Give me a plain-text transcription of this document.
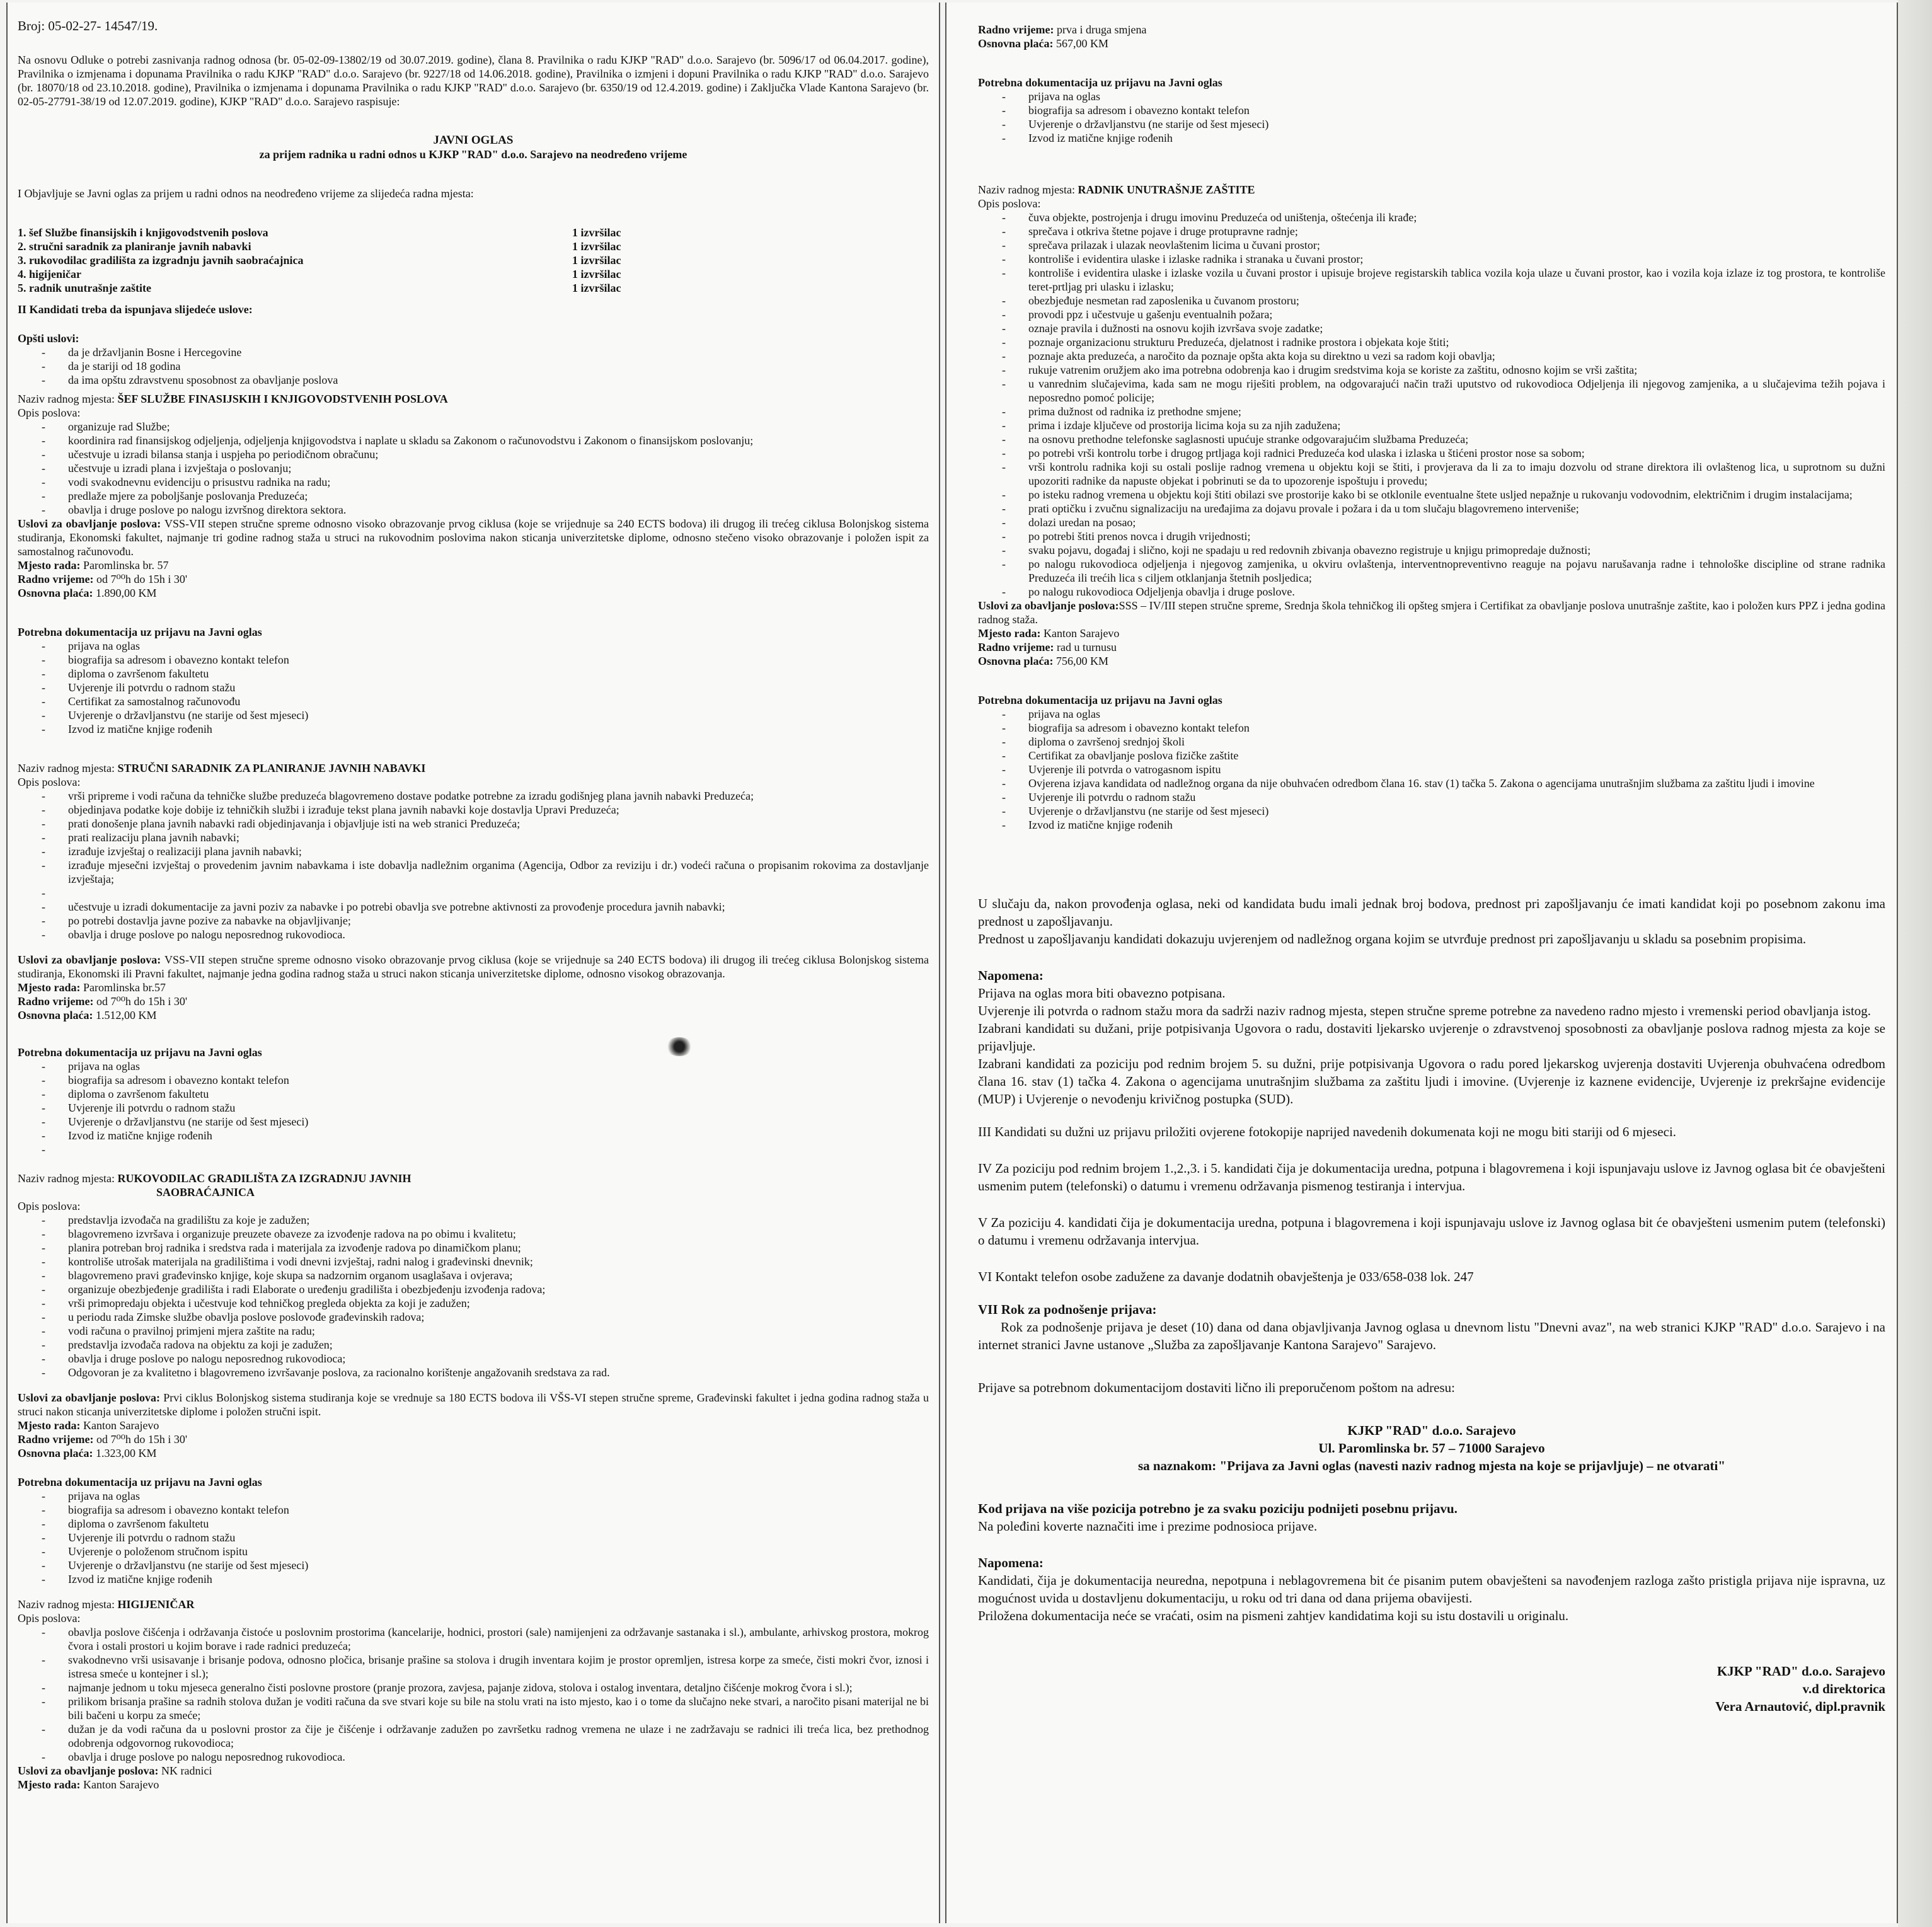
Broj: 05-02-27- 14547/19.

Na osnovu Odluke o potrebi zasnivanja radnog odnosa (br. 05-02-09-13802/19 od 30.07.2019. godine), člana 8. Pravilnika o radu KJKP "RAD" d.o.o. Sarajevo (br. 5096/17 od 06.04.2017. godine), Pravilnika o izmjenama i dopunama Pravilnika o radu KJKP "RAD" d.o.o. Sarajevo (br. 9227/18 od 14.06.2018. godine), Pravilnika o izmjeni i dopuni Pravilnika o radu KJKP "RAD" d.o.o. Sarajevo (br. 18070/18 od 23.10.2018. godine), Pravilnika o izmjenama i dopunama Pravilnika o radu KJKP "RAD" d.o.o. Sarajevo (br. 6350/19 od 12.4.2019. godine) i Zaključka Vlade Kantona Sarajevo (br. 02-05-27791-38/19 od 12.07.2019. godine), KJKP "RAD" d.o.o. Sarajevo raspisuje:

JAVNI OGLAS

za prijem radnika u radni odnos u KJKP "RAD" d.o.o. Sarajevo na neodređeno vrijeme

I Objavljuje se Javni oglas za prijem u radni odnos na neodređeno vrijeme za slijedeća radna mjesta:

1. šef Službe finansijskih i knjigovodstvenih poslova	1 izvršilac
2. stručni saradnik za planiranje javnih nabavki	1 izvršilac
3. rukovodilac gradilišta za izgradnju javnih saobraćajnica	1 izvršilac
4. higijeničar	1 izvršilac
5. radnik unutrašnje zaštite	1 izvršilac

II Kandidati treba da ispunjava slijedeće uslove:

Opšti uslovi:

- da je državljanin Bosne i Hercegovine
- da je stariji od 18 godina
- da ima opštu zdravstvenu sposobnost za obavljanje poslova

Naziv radnog mjesta: ŠEF SLUŽBE FINASIJSKIH I KNJIGOVODSTVENIH POSLOVA

Opis poslova:

- organizuje rad Službe;
- koordinira rad finansijskog odjeljenja, odjeljenja knjigovodstva i naplate u skladu sa Zakonom o računovodstvu i Zakonom o finansijskom poslovanju;
- učestvuje u izradi bilansa stanja i uspjeha po periodičnom obračunu;
- učestvuje u izradi plana i izvještaja o poslovanju;
- vodi svakodnevnu evidenciju o prisustvu radnika na radu;
- predlaže mjere za poboljšanje poslovanja Preduzeća;
- obavlja i druge poslove po nalogu izvršnog direktora sektora.

Uslovi za obavljanje poslova: VSS-VII stepen stručne spreme odnosno visoko obrazovanje prvog ciklusa (koje se vrijednuje sa 240 ECTS bodova) ili drugog ili trećeg ciklusa Bolonjskog sistema studiranja, Ekonomski fakultet, najmanje tri godine radnog staža u struci na rukovodnim poslovima nakon sticanja univerzitetske diplome, odnosno stečeno visoko obrazovanje i položen ispit za samostalnog računovođu.

Mjesto rada: Paromlinska br. 57

Radno vrijeme: od 7⁰⁰h do 15h i 30'

Osnovna plaća: 1.890,00 KM

Potrebna dokumentacija uz prijavu na Javni oglas

- prijava na oglas
- biografija sa adresom i obavezno kontakt telefon
- diploma o završenom fakultetu
- Uvjerenje ili potvrdu o radnom stažu
- Certifikat za samostalnog računovođu
- Uvjerenje o državljanstvu (ne starije od šest mjeseci)
- Izvod iz matične knjige rođenih

Naziv radnog mjesta: STRUČNI SARADNIK ZA PLANIRANJE JAVNIH NABAVKI

Opis poslova:

- vrši pripreme i vodi računa da tehničke službe preduzeća blagovremeno dostave podatke potrebne za izradu godišnjeg plana javnih nabavki Preduzeća;
- objedinjava podatke koje dobije iz tehničkih službi i izrađuje tekst plana javnih nabavki koje dostavlja Upravi Preduzeća;
- prati donošenje plana javnih nabavki radi objedinjavanja i objavljuje isti na web stranici Preduzeća;
- prati realizaciju plana javnih nabavki;
- izrađuje izvještaj o realizaciji plana javnih nabavki;
- izrađuje mjesečni izvještaj o provedenim javnim nabavkama i iste dobavlja nadležnim organima (Agencija, Odbor za reviziju i dr.) vodeći računa o propisanim rokovima za dostavljanje izvještaja;
-
- učestvuje u izradi dokumentacije za javni poziv za nabavke i po potrebi obavlja sve potrebne aktivnosti za provođenje procedura javnih nabavki;
- po potrebi dostavlja javne pozive za nabavke na objavljivanje;
- obavlja i druge poslove po nalogu neposrednog rukovodioca.

Uslovi za obavljanje poslova: VSS-VII stepen stručne spreme odnosno visoko obrazovanje prvog ciklusa (koje se vrijednuje sa 240 ECTS bodova) ili drugog ili trećeg ciklusa Bolonjskog sistema studiranja, Ekonomski ili Pravni fakultet, najmanje jedna godina radnog staža u struci nakon sticanja univerzitetske diplome, odnosno visokog obrazovanja.

Mjesto rada: Paromlinska br.57

Radno vrijeme: od 7⁰⁰h do 15h i 30'

Osnovna plaća: 1.512,00 KM

Potrebna dokumentacija uz prijavu na Javni oglas

- prijava na oglas
- biografija sa adresom i obavezno kontakt telefon
- diploma o završenom fakultetu
- Uvjerenje ili potvrdu o radnom stažu
- Uvjerenje o državljanstvu (ne starije od šest mjeseci)
- Izvod iz matične knjige rođenih
-

Naziv radnog mjesta: RUKOVODILAC GRADILIŠTA ZA IZGRADNJU JAVNIH

SAOBRAĆAJNICA

Opis poslova:

- predstavlja izvođača na gradilištu za koje je zadužen;
- blagovremeno izvršava i organizuje preuzete obaveze za izvođenje radova na po obimu i kvalitetu;
- planira potreban broj radnika i sredstva rada i materijala za izvođenje radova po dinamičkom planu;
- kontroliše utrošak materijala na gradilištima i vodi dnevni izvještaj, radni nalog i građevinski dnevnik;
- blagovremeno pravi građevinsko knjige, koje skupa sa nadzornim organom usaglašava i ovjerava;
- organizuje obezbjeđenje gradilišta i radi Elaborate o uređenju gradilišta i obezbjeđenju izvođenja radova;
- vrši primopredaju objekta i učestvuje kod tehničkog pregleda objekta za koji je zadužen;
- u periodu rada Zimske službe obavlja poslove poslovođe građevinskih radova;
- vodi računa o pravilnoj primjeni mjera zaštite na radu;
- predstavlja izvođača radova na objektu za koji je zadužen;
- obavlja i druge poslove po nalogu neposrednog rukovodioca;
- Odgovoran je za kvalitetno i blagovremeno izvršavanje poslova, za racionalno korištenje angažovanih sredstava za rad.

Uslovi za obavljanje poslova: Prvi ciklus Bolonjskog sistema studiranja koje se vrednuje sa 180 ECTS bodova ili VŠS-VI stepen stručne spreme, Građevinski fakultet i jedna godina radnog staža u struci nakon sticanja univerzitetske diplome i položen stručni ispit.

Mjesto rada: Kanton Sarajevo

Radno vrijeme: od 7⁰⁰h do 15h i 30'

Osnovna plaća: 1.323,00 KM

Potrebna dokumentacija uz prijavu na Javni oglas

- prijava na oglas
- biografija sa adresom i obavezno kontakt telefon
- diploma o završenom fakultetu
- Uvjerenje ili potvrdu o radnom stažu
- Uvjerenje o položenom stručnom ispitu
- Uvjerenje o državljanstvu (ne starije od šest mjeseci)
- Izvod iz matične knjige rođenih

Naziv radnog mjesta: HIGIJENIČAR

Opis poslova:

- obavlja poslove čišćenja i održavanja čistoće u poslovnim prostorima (kancelarije, hodnici, prostori (sale) namijenjeni za održavanje sastanaka i sl.), ambulante, arhivskog prostora, mokrog čvora i ostali prostori u kojim borave i rade radnici preduzeća;
- svakodnevno vrši usisavanje i brisanje podova, odnosno pločica, brisanje prašine sa stolova i drugih inventara kojim je prostor opremljen, istresa korpe za smeće, čisti mokri čvor, iznosi i istresa smeće u kontejner i sl.);
- najmanje jednom u toku mjeseca generalno čisti poslovne prostore (pranje prozora, zavjesa, pajanje zidova, stolova i ostalog inventara, detaljno čišćenje mokrog čvora i sl.);
- prilikom brisanja prašine sa radnih stolova dužan je voditi računa da sve stvari koje su bile na stolu vrati na isto mjesto, kao i o tome da slučajno neke stvari, a naročito pisani materijal ne bi bili bačeni u korpu za smeće;
- dužan je da vodi računa da u poslovni prostor za čije je čišćenje i održavanje zadužen po završetku radnog vremena ne ulaze i ne zadržavaju se radnici ili treća lica, bez prethodnog odobrenja odgovornog rukovodioca;
- obavlja i druge poslove po nalogu neposrednog rukovodioca.

Uslovi za obavljanje poslova: NK radnici

Mjesto rada: Kanton Sarajevo

Radno vrijeme: prva i druga smjena

Osnovna plaća: 567,00 KM

Potrebna dokumentacija uz prijavu na Javni oglas

- prijava na oglas
- biografija sa adresom i obavezno kontakt telefon
- Uvjerenje o državljanstvu (ne starije od šest mjeseci)
- Izvod iz matične knjige rođenih

Naziv radnog mjesta: RADNIK UNUTRAŠNJE ZAŠTITE

Opis poslova:

- čuva objekte, postrojenja i drugu imovinu Preduzeća od uništenja, oštećenja ili krađe;
- sprečava i otkriva štetne pojave i druge protupravne radnje;
- sprečava prilazak i ulazak neovlaštenim licima u čuvani prostor;
- kontroliše i evidentira ulaske i izlaske radnika i stranaka u čuvani prostor;
- kontroliše i evidentira ulaske i izlaske vozila u čuvani prostor i upisuje brojeve registarskih tablica vozila koja ulaze u čuvani prostor, kao i vozila koja izlaze iz tog prostora, te kontroliše teret-prtljag pri ulasku i izlasku;
- obezbjeđuje nesmetan rad zaposlenika u čuvanom prostoru;
- provodi ppz i učestvuje u gašenju eventualnih požara;
- oznaje pravila i dužnosti na osnovu kojih izvršava svoje zadatke;
- poznaje organizacionu strukturu Preduzeća, djelatnost i radnike prostora i objekata koje štiti;
- poznaje akta preduzeća, a naročito da poznaje opšta akta koja su direktno u vezi sa radom koji obavlja;
- rukuje vatrenim oružjem ako ima potrebna odobrenja kao i drugim sredstvima koja se koriste za zaštitu, odnosno kojim se vrši zaštita;
- u vanrednim slučajevima, kada sam ne mogu riješiti problem, na odgovarajući način traži uputstvo od rukovodioca Odjeljenja ili njegovog zamjenika, a u slučajevima težih pojava i neposredno pomoć policije;
- prima dužnost od radnika iz prethodne smjene;
- prima i izdaje ključeve od prostorija licima koja su za njih zadužena;
- na osnovu prethodne telefonske saglasnosti upućuje stranke odgovarajućim službama Preduzeća;
- po potrebi vrši kontrolu torbe i drugog prtljaga koji radnici Preduzeća kod ulaska i izlaska u štićeni prostor nose sa sobom;
- vrši kontrolu radnika koji su ostali poslije radnog vremena u objektu koji se štiti, i provjerava da li za to imaju dozvolu od strane direktora ili ovlaštenog lica, u suprotnom su dužni upozoriti radnike da napuste objekat i pobrinuti se da to upozorenje ispoštuju i provedu;
- po isteku radnog vremena u objektu koji štiti obilazi sve prostorije kako bi se otklonile eventualne štete usljed nepažnje u rukovanju vodovodnim, električnim i drugim instalacijama;
- prati optičku i zvučnu signalizaciju na uređajima za dojavu provale i požara i da u tom slučaju blagovremeno interveniše;
- dolazi uredan na posao;
- po potrebi štiti prenos novca i drugih vrijednosti;
- svaku pojavu, događaj i slično, koji ne spadaju u red redovnih zbivanja obavezno registruje u knjigu primopredaje dužnosti;
- po nalogu rukovodioca odjeljenja i njegovog zamjenika, u okviru ovlaštenja, interventnopreventivno reaguje na pojavu narušavanja radne i tehnološke discipline od strane radnika Preduzeća ili trećih lica s ciljem otklanjanja štetnih posljedica;
- po nalogu rukovodioca Odjeljenja obavlja i druge poslove.

Uslovi za obavljanje poslova:SSS – IV/III stepen stručne spreme, Srednja škola tehničkog ili opšteg smjera i Certifikat za obavljanje poslova unutrašnje zaštite, kao i položen kurs PPZ i jedna godina radnog staža.

Mjesto rada: Kanton Sarajevo

Radno vrijeme: rad u turnusu

Osnovna plaća: 756,00 KM

Potrebna dokumentacija uz prijavu na Javni oglas

- prijava na oglas
- biografija sa adresom i obavezno kontakt telefon
- diploma o završenoj srednjoj školi
- Certifikat za obavljanje poslova fizičke zaštite
- Uvjerenje ili potvrda o vatrogasnom ispitu
- Ovjerena izjava kandidata od nadležnog organa da nije obuhvaćen odredbom člana 16. stav (1) tačka 5. Zakona o agencijama unutrašnjim službama za zaštitu ljudi i imovine
- Uvjerenje ili potvrdu o radnom stažu
- Uvjerenje o državljanstvu (ne starije od šest mjeseci)
- Izvod iz matične knjige rođenih

U slučaju da, nakon provođenja oglasa, neki od kandidata budu imali jednak broj bodova, prednost pri zapošljavanju će imati kandidat koji po posebnom zakonu ima prednost u zapošljavanju.

Prednost u zapošljavanju kandidati dokazuju uvjerenjem od nadležnog organa kojim se utvrđuje prednost pri zapošljavanju u skladu sa posebnim propisima.

Napomena:

Prijava na oglas mora biti obavezno potpisana.

Uvjerenje ili potvrda o radnom stažu mora da sadrži naziv radnog mjesta, stepen stručne spreme potrebne za navedeno radno mjesto i vremenski period obavljanja istog.

Izabrani kandidati su dužani, prije potpisivanja Ugovora o radu, dostaviti ljekarsko uvjerenje o zdravstvenoj sposobnosti za obavljanje poslova radnog mjesta za koje se prijavljuje.

Izabrani kandidati za poziciju pod rednim brojem 5. su dužni, prije potpisivanja Ugovora o radu pored ljekarskog uvjerenja dostaviti Uvjerenja obuhvaćena odredbom člana 16. stav (1) tačka 4. Zakona o agencijama unutrašnjim službama za zaštitu ljudi i imovine. (Uvjerenje iz kaznene evidencije, Uvjerenje iz prekršajne evidencije (MUP) i Uvjerenje o nevođenju krivičnog postupka (SUD).

III Kandidati su dužni uz prijavu priložiti ovjerene fotokopije naprijed navedenih dokumenata koji ne mogu biti stariji od 6 mjeseci.

IV Za poziciju pod rednim brojem 1.,2.,3. i 5. kandidati čija je dokumentacija uredna, potpuna i blagovremena i koji ispunjavaju uslove iz Javnog oglasa bit će obavješteni usmenim putem (telefonski) o datumu i vremenu održavanja pismenog testiranja i intervjua.

V Za poziciju 4. kandidati čija je dokumentacija uredna, potpuna i blagovremena i koji ispunjavaju uslove iz Javnog oglasa bit će obavješteni usmenim putem (telefonski) o datumu i vremenu održavanja intervjua.

VI Kontakt telefon osobe zadužene za davanje dodatnih obavještenja je 033/658-038 lok. 247

VII Rok za podnošenje prijava:

Rok za podnošenje prijava je deset (10) dana od dana objavljivanja Javnog oglasa u dnevnom listu "Dnevni avaz", na web stranici KJKP "RAD" d.o.o. Sarajevo i na internet stranici Javne ustanove „Služba za zapošljavanje Kantona Sarajevo" Sarajevo.

Prijave sa potrebnom dokumentacijom dostaviti lično ili preporučenom poštom na adresu:

KJKP "RAD" d.o.o. Sarajevo

Ul. Paromlinska br. 57 – 71000 Sarajevo

sa naznakom: "Prijava za Javni oglas (navesti naziv radnog mjesta na koje se prijavljuje) – ne otvarati"

Kod prijava na više pozicija potrebno je za svaku poziciju podnijeti posebnu prijavu.

Na poleđini koverte naznačiti ime i prezime podnosioca prijave.

Napomena:

Kandidati, čija je dokumentacija neuredna, nepotpuna i neblagovremena bit će pisanim putem obavješteni sa navođenjem razloga zašto pristigla prijava nije ispravna, uz mogućnost uvida u dostavljenu dokumentaciju, u roku od tri dana od dana prijema obavijesti.

Priložena dokumentacija neće se vraćati, osim na pismeni zahtjev kandidatima koji su istu dostavili u originalu.

KJKP "RAD" d.o.o. Sarajevo

v.d direktorica

Vera Arnautović, dipl.pravnik
